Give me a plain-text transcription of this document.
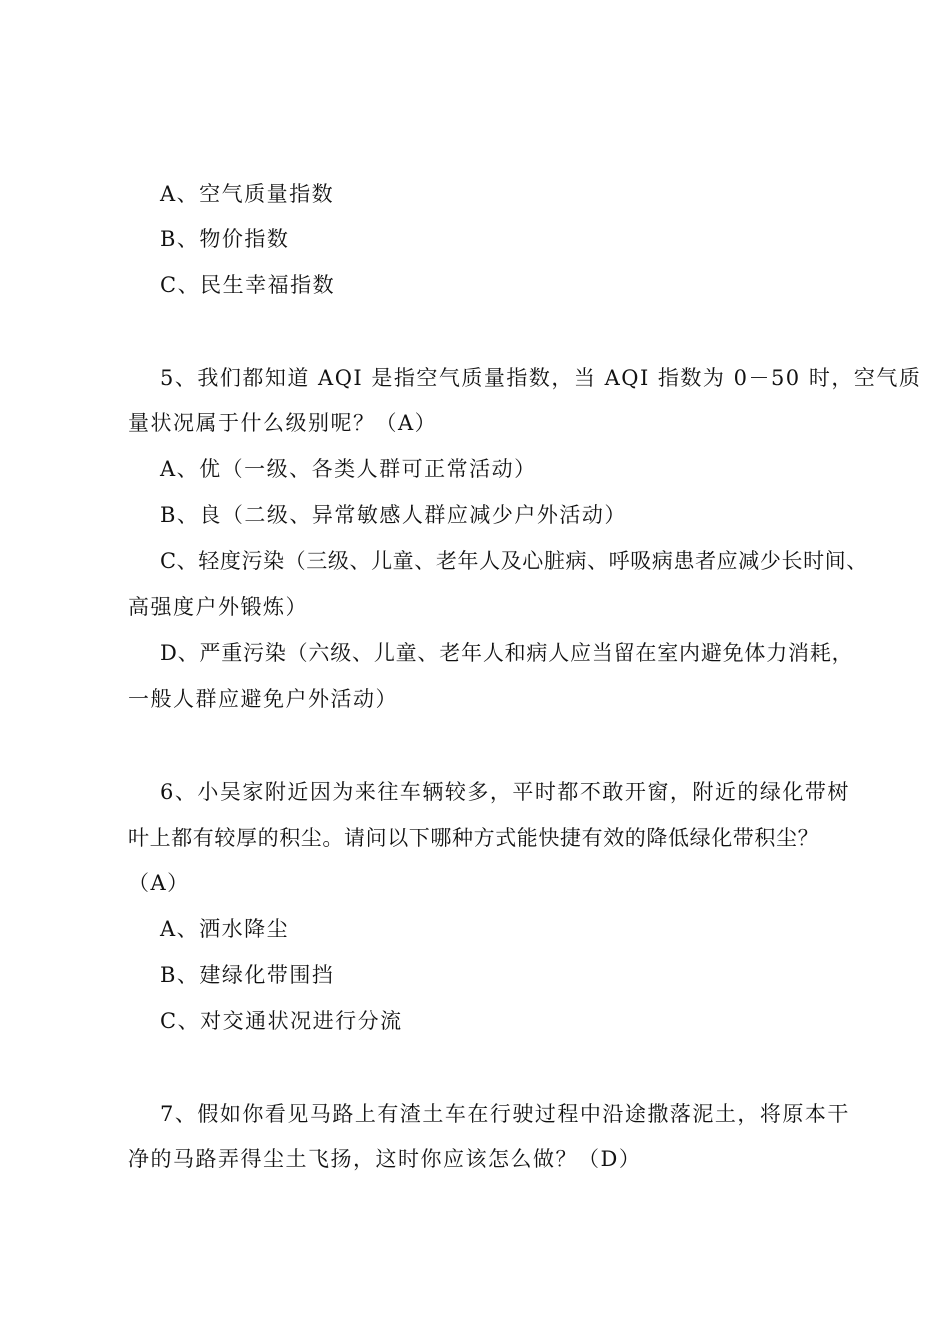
A、空气质量指数
B、物价指数
C、民生幸福指数
5、我们都知道 AQI 是指空气质量指数，当 AQI 指数为 0－50 时，空气质
量状况属于什么级别呢？（A）
A、优（一级、各类人群可正常活动）
B、良（二级、异常敏感人群应减少户外活动）
C、轻度污染（三级、儿童、老年人及心脏病、呼吸病患者应减少长时间、
高强度户外锻炼）
D、严重污染（六级、儿童、老年人和病人应当留在室内避免体力消耗，
一般人群应避免户外活动）
6、小吴家附近因为来往车辆较多，平时都不敢开窗，附近的绿化带树
叶上都有较厚的积尘。请问以下哪种方式能快捷有效的降低绿化带积尘？
（A）
A、洒水降尘
B、建绿化带围挡
C、对交通状况进行分流
7、假如你看见马路上有渣土车在行驶过程中沿途撒落泥土，将原本干
净的马路弄得尘土飞扬，这时你应该怎么做？（D）
